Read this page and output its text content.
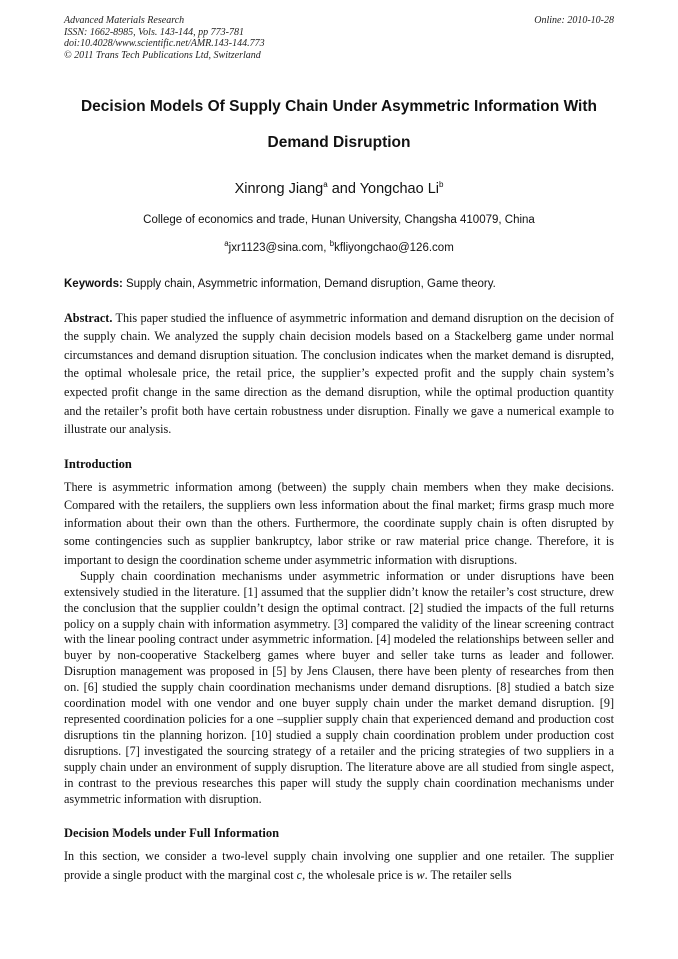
Advanced Materials Research
ISSN: 1662-8985, Vols. 143-144, pp 773-781
doi:10.4028/www.scientific.net/AMR.143-144.773
© 2011 Trans Tech Publications Ltd, Switzerland
Online: 2010-10-28
Decision Models Of Supply Chain Under Asymmetric Information With
Demand Disruption
Xinrong Jiang$^a$ and Yongchao Li$^b$
College of economics and trade, Hunan University, Changsha 410079, China
$^a$jxr1123@sina.com, $^b$kfliyongchao@126.com
Keywords: Supply chain, Asymmetric information, Demand disruption, Game theory.

Abstract. This paper studied the influence of asymmetric information and demand disruption on the decision of the supply chain. We analyzed the supply chain decision models based on a Stackelberg game under normal circumstances and demand disruption situation. The conclusion indicates when the market demand is disrupted, the optimal wholesale price, the retail price, the supplier’s expected profit and the supply chain system’s expected profit change in the same direction as the demand disruption, while the optimal production quantity and the retailer’s profit both have certain robustness under disruption. Finally we gave a numerical example to illustrate our analysis.

Introduction

There is asymmetric information among (between) the supply chain members when they make decisions. Compared with the retailers, the suppliers own less information about the final market; firms grasp much more information about their own than the others. Furthermore, the coordinate supply chain is often disrupted by some contingencies such as supplier bankruptcy, labor strike or raw material price change. Therefore, it is important to design the coordination scheme under asymmetric information with disruptions.

Supply chain coordination mechanisms under asymmetric information or under disruptions have been extensively studied in the literature. [1] assumed that the supplier didn’t know the retailer’s cost structure, drew the conclusion that the supplier couldn’t design the optimal contract. [2] studied the impacts of the full returns policy on a supply chain with information asymmetry. [3] compared the validity of the linear screening contract with the linear pooling contract under asymmetric information. [4] modeled the relationships between seller and buyer by non-cooperative Stackelberg games where buyer and seller take turns as leader and follower. Disruption management was proposed in [5] by Jens Clausen, there have been plenty of researches from then on. [6] studied the supply chain coordination mechanisms under demand disruptions. [8] studied a batch size coordination model with one vendor and one buyer supply chain under the market demand disruption. [9] represented coordination policies for a one –supplier supply chain that experienced demand and production cost disruptions tin the planning horizon. [10] studied a supply chain coordination problem under production cost disruptions. [7] investigated the sourcing strategy of a retailer and the pricing strategies of two suppliers in a supply chain under an environment of supply disruption. The literature above are all studied from single aspect, in contrast to the previous researches this paper will study the supply chain coordination mechanisms under asymmetric information with disruption.

Decision Models under Full Information

In this section, we consider a two-level supply chain involving one supplier and one retailer. The supplier provide a single product with the marginal cost c, the wholesale price is w. The retailer sells
